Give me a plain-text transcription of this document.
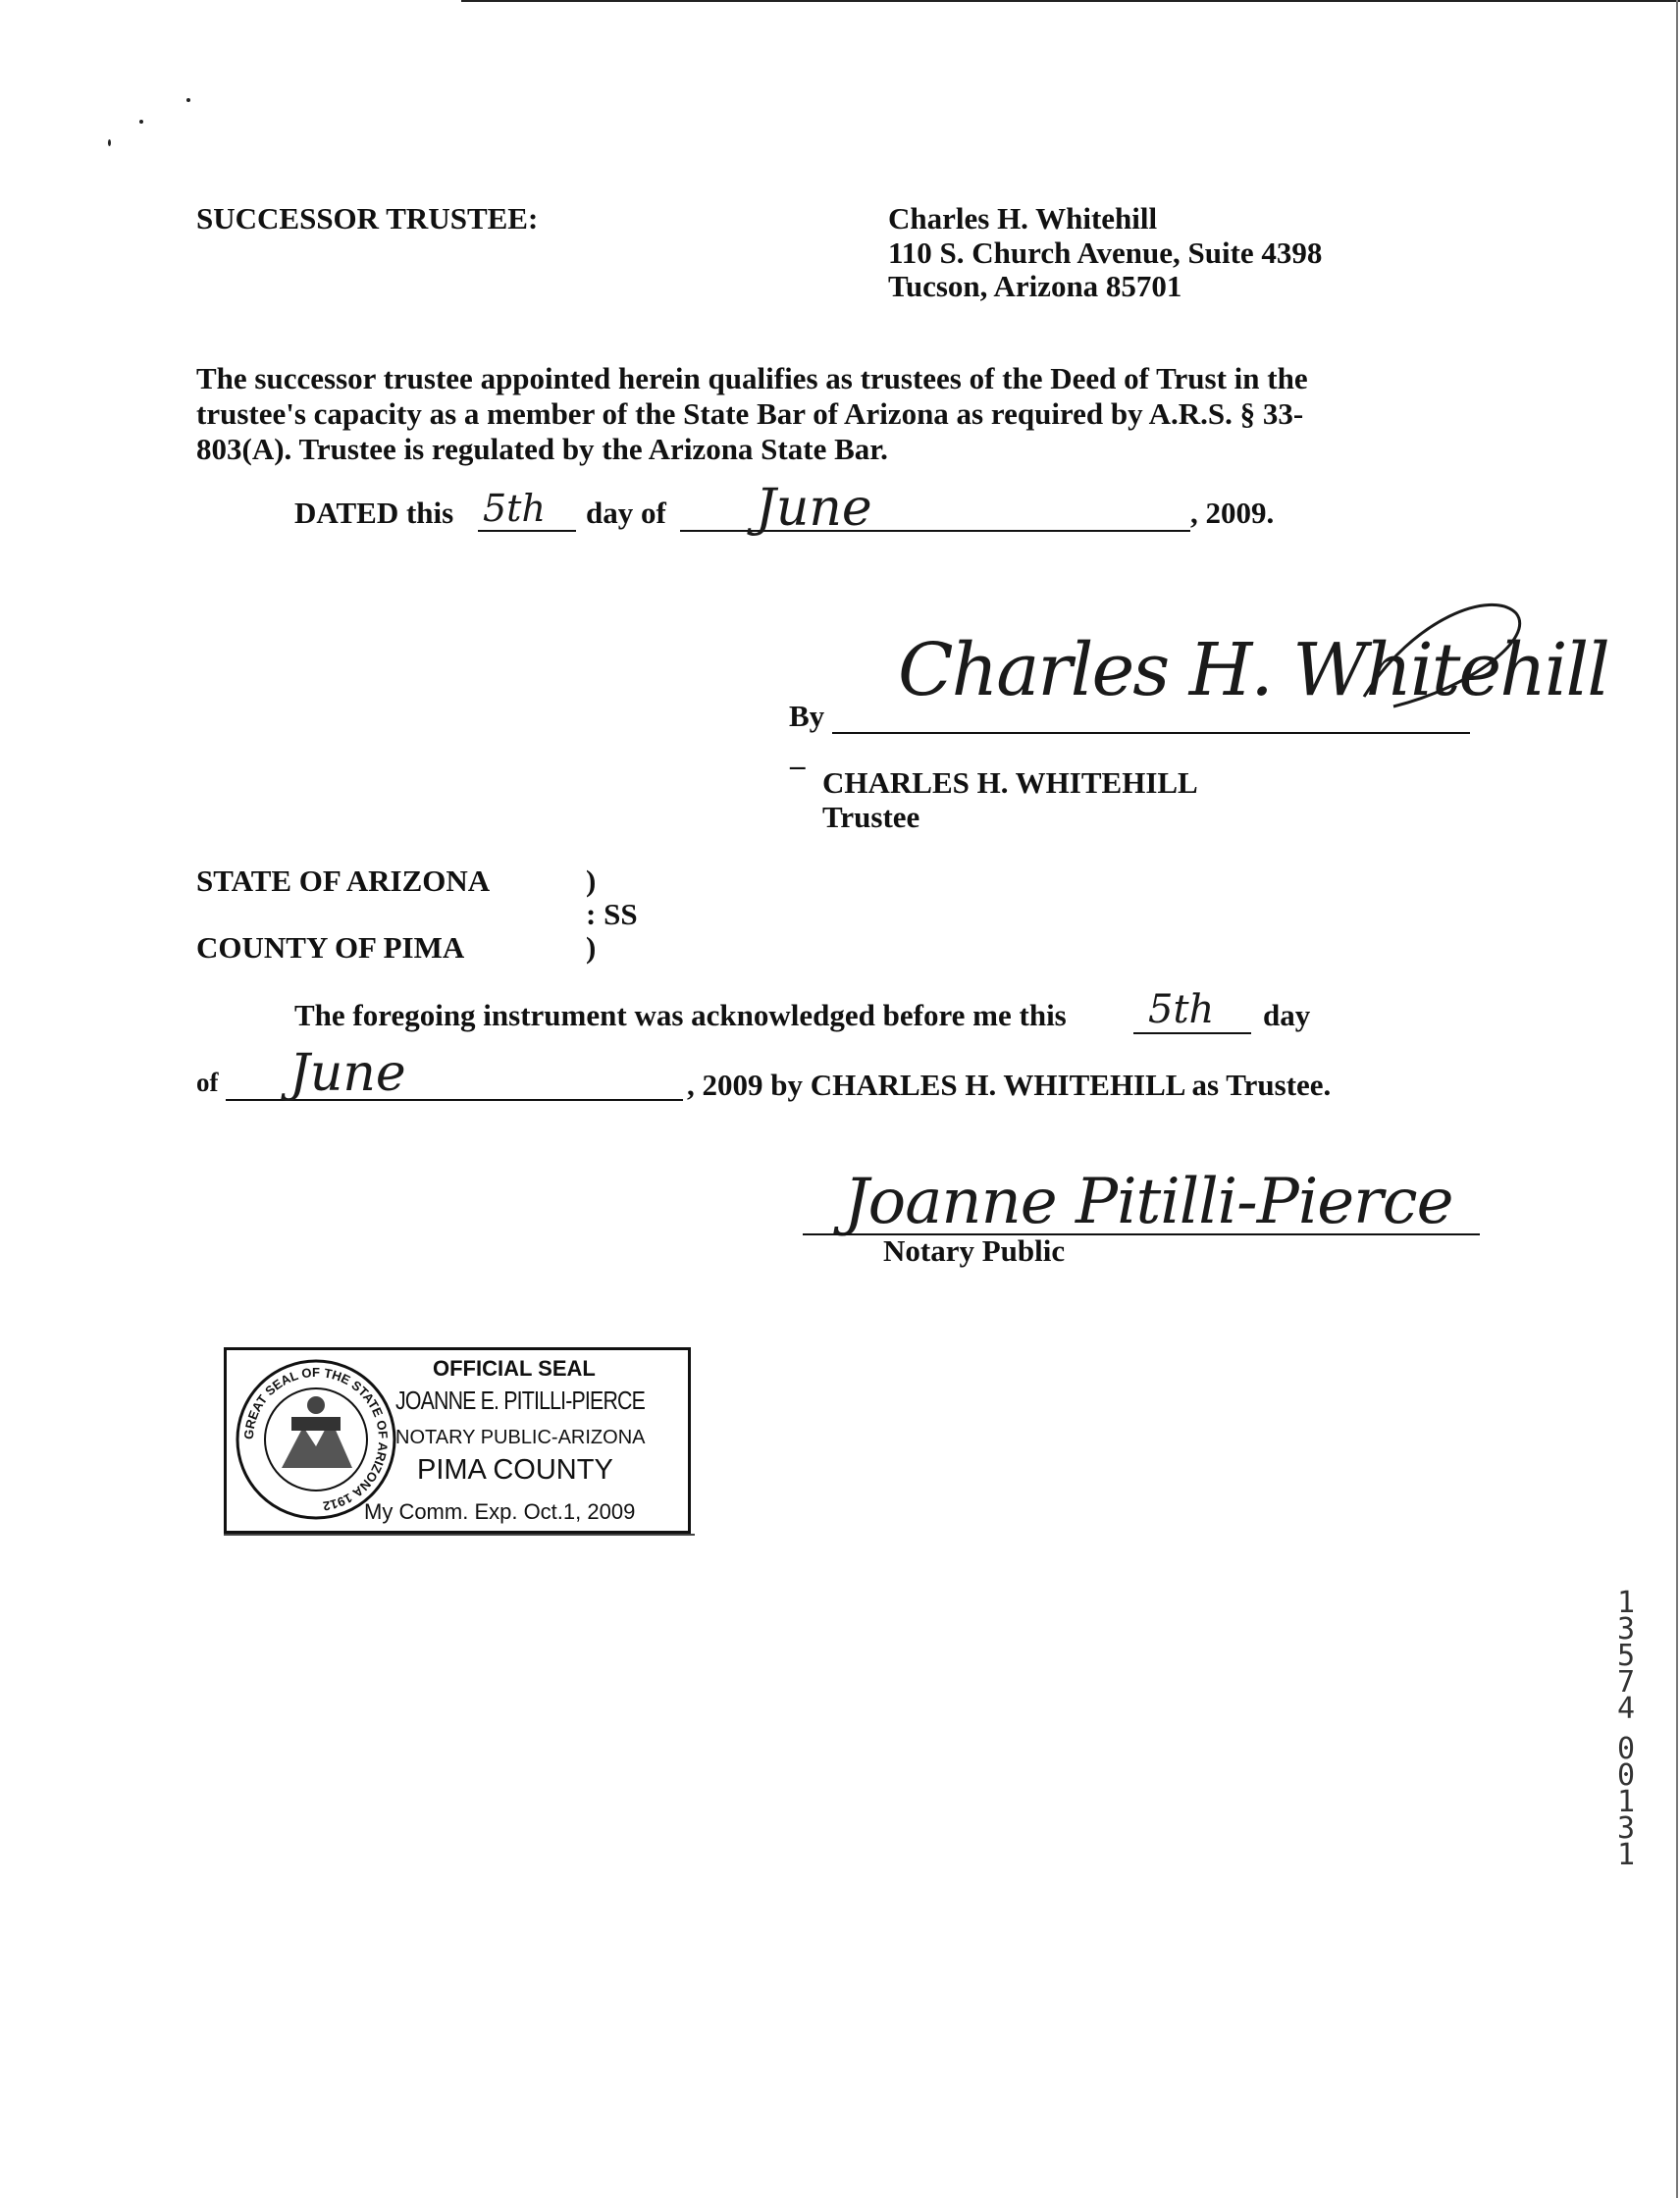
SUCCESSOR TRUSTEE:	Charles H. Whitehill
110 S. Church Avenue, Suite 4398
Tucson, Arizona 85701
The successor trustee appointed herein qualifies as trustees of the Deed of Trust in the
trustee's capacity as a member of the State Bar of Arizona as required by A.R.S. § 33-
803(A). Trustee is regulated by the Arizona State Bar.
DATED this 5th day of June	, 2009.
Charles H. Whitehill
By
–
CHARLES H. WHITEHILL
Trustee
STATE OF ARIZONA	)
: SS
COUNTY OF PIMA	)
The foregoing instrument was acknowledged before me this 5th day
of June	, 2009 by CHARLES H. WHITEHILL as Trustee.
Joanne Pitilli-Pierce
Notary Public
GREAT SEAL OF THE STATE OF ARIZONA 1912
OFFICIAL SEAL
JOANNE E. PITILLI-PIERCE
NOTARY PUBLIC-ARIZONA
PIMA COUNTY
My Comm. Exp. Oct.1, 2009
1
3
5
7
4
0
0
1
3
1
